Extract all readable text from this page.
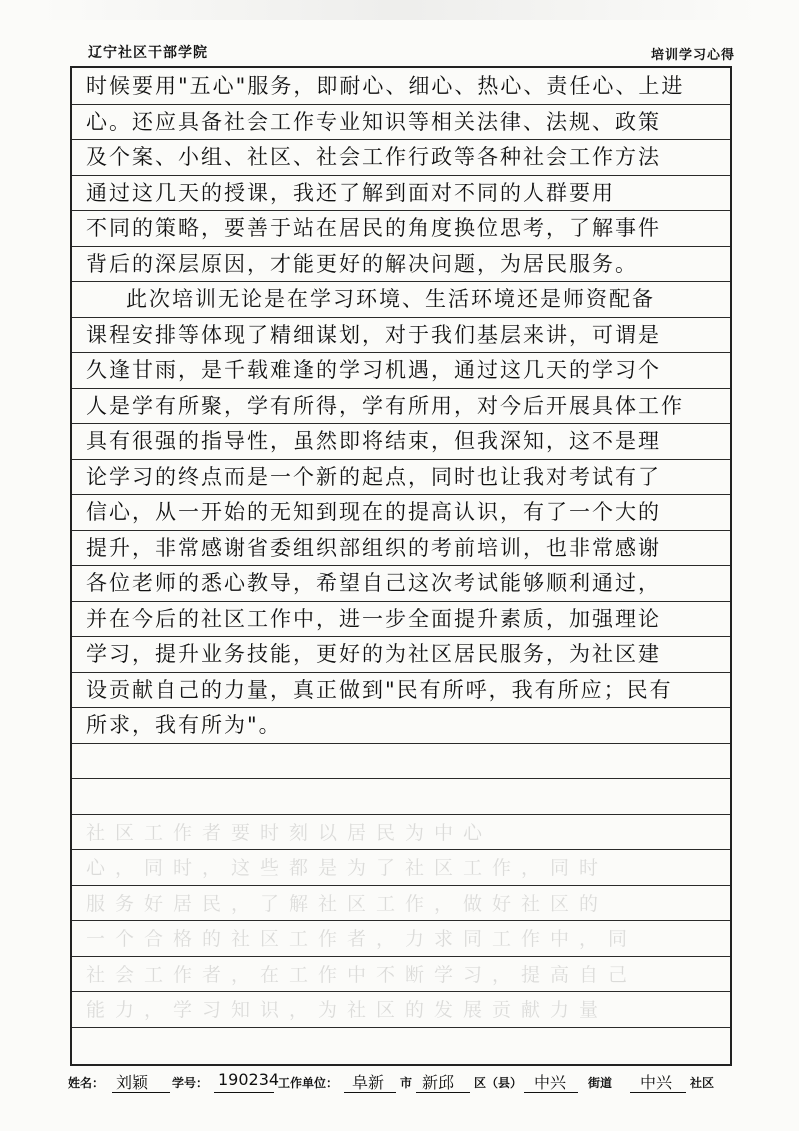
辽宁社区干部学院	培训学习心得
时候要用"五心"服务，即耐心、细心、热心、责任心、上进
心。还应具备社会工作专业知识等相关法律、法规、政策
及个案、小组、社区、社会工作行政等各种社会工作方法
通过这几天的授课，我还了解到面对不同的人群要用
不同的策略，要善于站在居民的角度换位思考，了解事件
背后的深层原因，才能更好的解决问题，为居民服务。
此次培训无论是在学习环境、生活环境还是师资配备
课程安排等体现了精细谋划，对于我们基层来讲，可谓是
久逢甘雨，是千载难逢的学习机遇，通过这几天的学习个
人是学有所聚，学有所得，学有所用，对今后开展具体工作
具有很强的指导性，虽然即将结束，但我深知，这不是理
论学习的终点而是一个新的起点，同时也让我对考试有了
信心，从一开始的无知到现在的提高认识，有了一个大的
提升，非常感谢省委组织部组织的考前培训，也非常感谢
各位老师的悉心教导，希望自己这次考试能够顺利通过，
并在今后的社区工作中，进一步全面提升素质，加强理论
学习，提升业务技能，更好的为社区居民服务，为社区建
设贡献自己的力量，真正做到"民有所呼，我有所应；民有
所求，我有所为"。
社区工作者要时刻以居民为中心
心，同时，这些都是为了社区工作，同时
服务好居民，了解社区工作，做好社区的
一个合格的社区工作者，力求同工作中，同
社会工作者，在工作中不断学习，提高自己
能力，学习知识，为社区的发展贡献力量
姓名： 刘颖 学号： 190234
工作单位： 阜新 市 新邱 区（县） 中兴 街道 中兴 社区
